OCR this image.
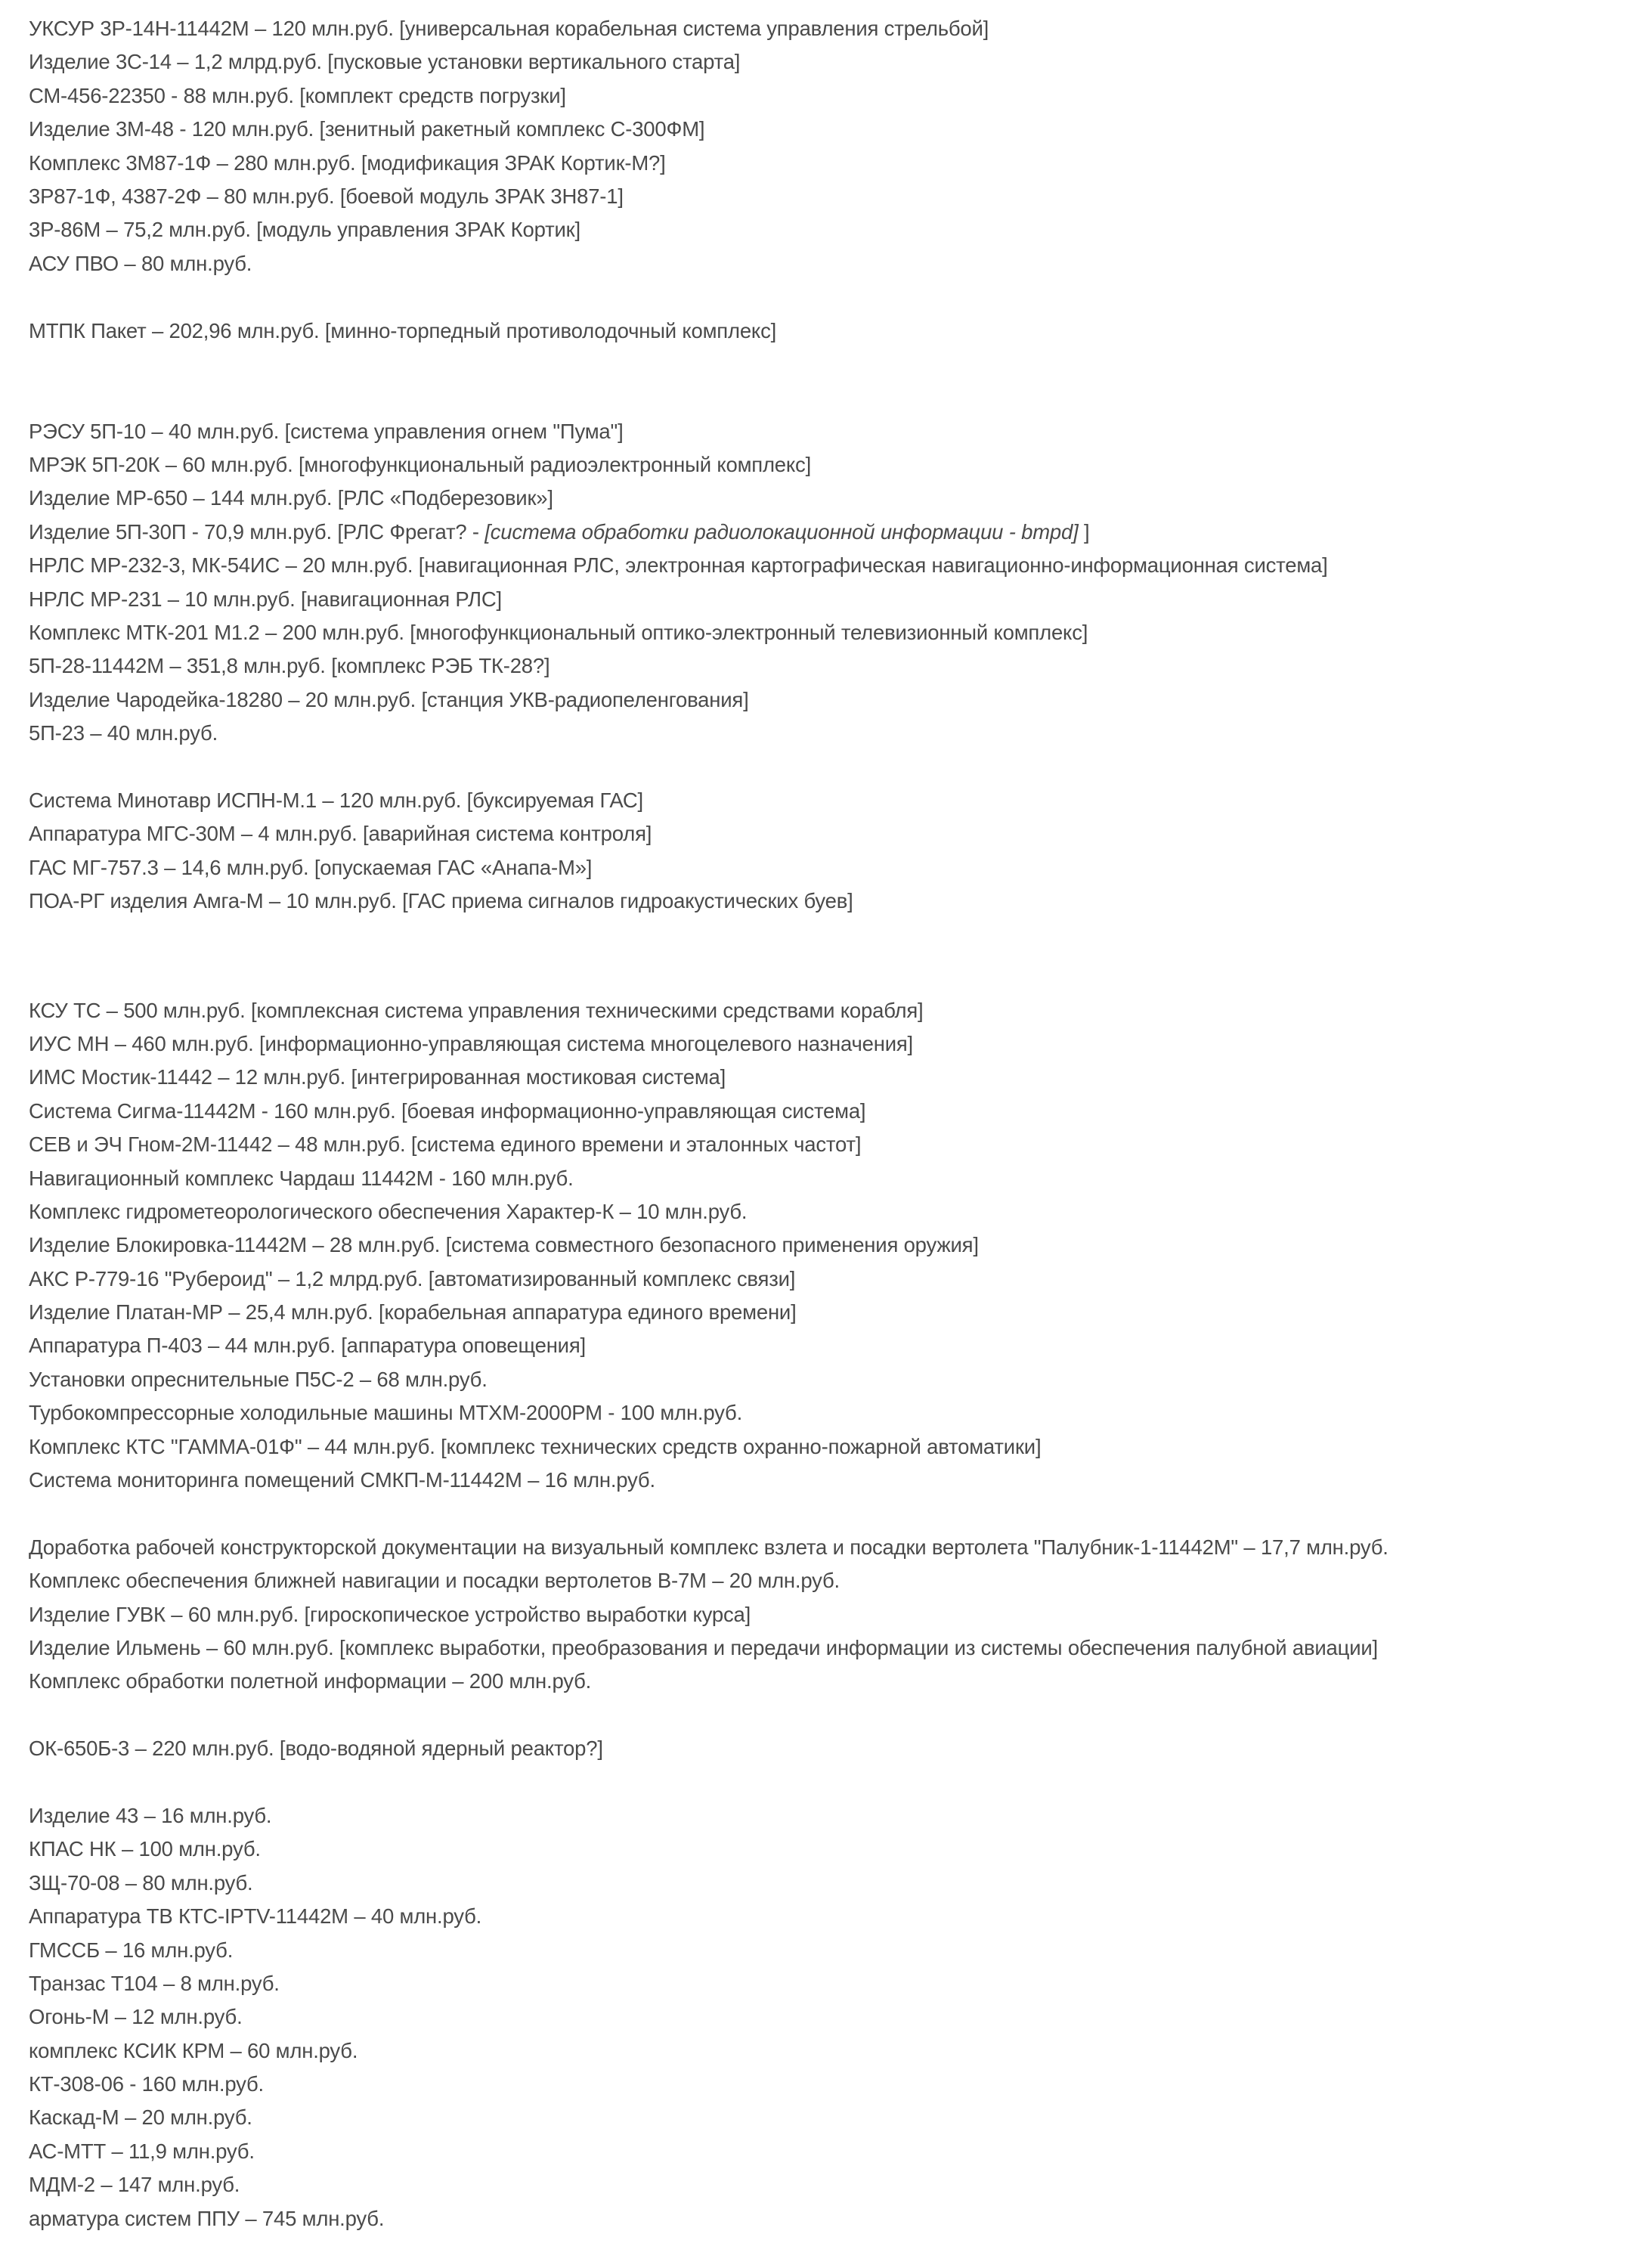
УКСУР 3Р-14Н-11442М – 120 млн.руб. [универсальная корабельная система управления стрельбой]
Изделие 3С-14 – 1,2 млрд.руб. [пусковые установки вертикального старта]
СМ-456-22350 - 88 млн.руб. [комплект средств погрузки]
Изделие 3М-48 - 120 млн.руб. [зенитный ракетный комплекс С-300ФМ]
Комплекс 3М87-1Ф – 280 млн.руб. [модификация ЗРАК Кортик-М?]
3Р87-1Ф, 4387-2Ф – 80 млн.руб. [боевой модуль ЗРАК 3Н87-1]
3Р-86М – 75,2 млн.руб. [модуль управления ЗРАК Кортик]
АСУ ПВО – 80 млн.руб.
МТПК Пакет – 202,96 млн.руб. [минно-торпедный противолодочный комплекс]
РЭСУ 5П-10 – 40 млн.руб. [система управления огнем "Пума"]
МРЭК 5П-20К – 60 млн.руб. [многофункциональный радиоэлектронный комплекс]
Изделие МР-650 – 144 млн.руб. [РЛС «Подберезовик»]
Изделие 5П-30П - 70,9 млн.руб. [РЛС Фрегат? - [система обработки радиолокационной информации - bmpd] ]
НРЛС МР-232-3, МК-54ИС – 20 млн.руб. [навигационная РЛС, электронная картографическая навигационно-информационная система]
НРЛС МР-231 – 10 млн.руб. [навигационная РЛС]
Комплекс МТК-201 М1.2 – 200 млн.руб. [многофункциональный оптико-электронный телевизионный комплекс]
5П-28-11442М – 351,8 млн.руб. [комплекс РЭБ ТК-28?]
Изделие Чародейка-18280 – 20 млн.руб. [станция УКВ-радиопеленгования]
5П-23 – 40 млн.руб.
Система Минотавр ИСПН-М.1 – 120 млн.руб. [буксируемая ГАС]
Аппаратура МГС-30М – 4 млн.руб. [аварийная система контроля]
ГАС МГ-757.3 – 14,6 млн.руб. [опускаемая ГАС «Анапа-М»]
ПОА-РГ изделия Амга-М – 10 млн.руб. [ГАС приема сигналов гидроакустических буев]
КСУ ТС – 500 млн.руб. [комплексная система управления техническими средствами корабля]
ИУС МН – 460 млн.руб. [информационно-управляющая система многоцелевого назначения]
ИМС Мостик-11442 – 12 млн.руб. [интегрированная мостиковая система]
Система Сигма-11442М - 160 млн.руб. [боевая информационно-управляющая система]
СЕВ и ЭЧ Гном-2М-11442 – 48 млн.руб. [система единого времени и эталонных частот]
Навигационный комплекс Чардаш 11442М - 160 млн.руб.
Комплекс гидрометеорологического обеспечения Характер-К – 10 млн.руб.
Изделие Блокировка-11442М – 28 млн.руб. [система совместного безопасного применения оружия]
АКС Р-779-16 "Рубероид" – 1,2 млрд.руб. [автоматизированный комплекс связи]
Изделие Платан-МР – 25,4 млн.руб. [корабельная аппаратура единого времени]
Аппаратура П-403 – 44 млн.руб. [аппаратура оповещения]
Установки опреснительные П5С-2 – 68 млн.руб.
Турбокомпрессорные холодильные машины МТХМ-2000РМ - 100 млн.руб.
Комплекс КТС "ГАММА-01Ф" – 44 млн.руб. [комплекс технических средств охранно-пожарной автоматики]
Система мониторинга помещений СМКП-М-11442М – 16 млн.руб.
Доработка рабочей конструкторской документации на визуальный комплекс взлета и посадки вертолета "Палубник-1-11442М" – 17,7 млн.руб.
Комплекс обеспечения ближней навигации и посадки вертолетов В-7М – 20 млн.руб.
Изделие ГУВК – 60 млн.руб. [гироскопическое устройство выработки курса]
Изделие Ильмень – 60 млн.руб. [комплекс выработки, преобразования и передачи информации из системы обеспечения палубной авиации]
Комплекс обработки полетной информации – 200 млн.руб.
ОК-650Б-3 – 220 млн.руб. [водо-водяной ядерный реактор?]
Изделие 43 – 16 млн.руб.
КПАС НК – 100 млн.руб.
ЗЩ-70-08 – 80 млн.руб.
Аппаратура ТВ КТС-IPTV-11442М – 40 млн.руб.
ГМССБ – 16 млн.руб.
Транзас Т104 – 8 млн.руб.
Огонь-М – 12 млн.руб.
комплекс КСИК КРМ – 60 млн.руб.
КТ-308-06 - 160 млн.руб.
Каскад-М – 20 млн.руб.
АС-МТТ – 11,9 млн.руб.
МДМ-2 – 147 млн.руб.
арматура систем ППУ – 745 млн.руб.
